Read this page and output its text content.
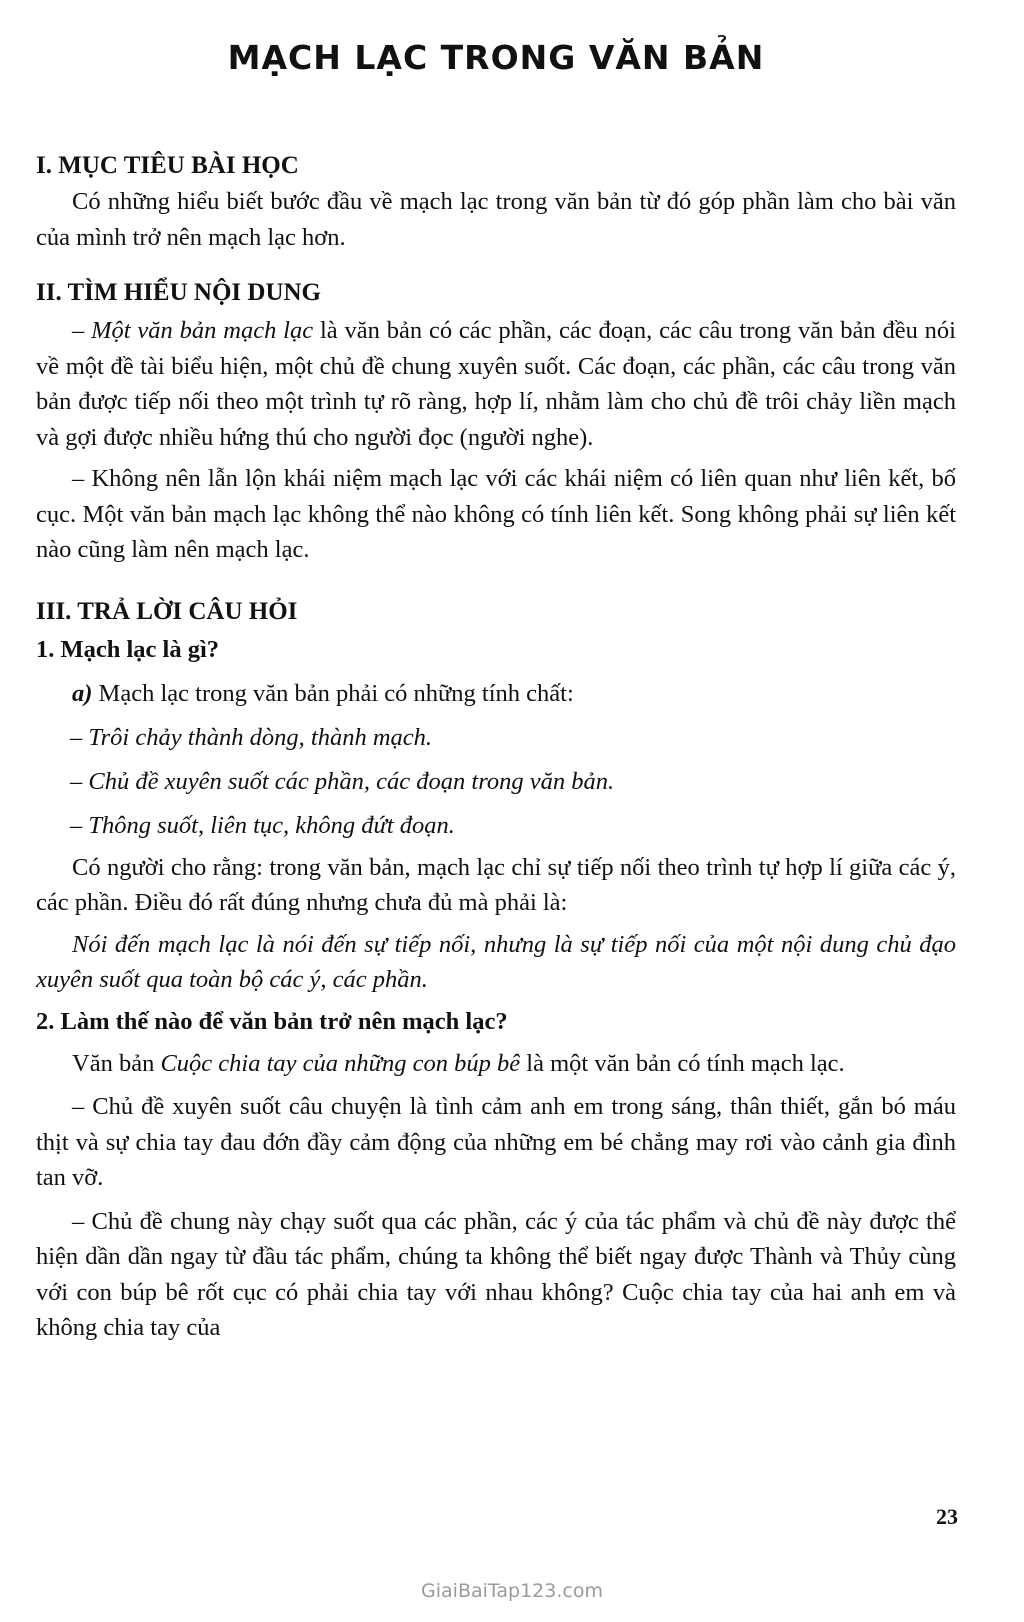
MẠCH LẠC TRONG VĂN BẢN
I. MỤC TIÊU BÀI HỌC

Có những hiểu biết bước đầu về mạch lạc trong văn bản từ đó góp phần làm cho bài văn của mình trở nên mạch lạc hơn.

II. TÌM HIỂU NỘI DUNG

– Một văn bản mạch lạc là văn bản có các phần, các đoạn, các câu trong văn bản đều nói về một đề tài biểu hiện, một chủ đề chung xuyên suốt. Các đoạn, các phần, các câu trong văn bản được tiếp nối theo một trình tự rõ ràng, hợp lí, nhằm làm cho chủ đề trôi chảy liền mạch và gợi được nhiều hứng thú cho người đọc (người nghe).

– Không nên lẫn lộn khái niệm mạch lạc với các khái niệm có liên quan như liên kết, bố cục. Một văn bản mạch lạc không thể nào không có tính liên kết. Song không phải sự liên kết nào cũng làm nên mạch lạc.

III. TRẢ LỜI CÂU HỎI

1. Mạch lạc là gì?

a) Mạch lạc trong văn bản phải có những tính chất:

– Trôi chảy thành dòng, thành mạch.

– Chủ đề xuyên suốt các phần, các đoạn trong văn bản.

– Thông suốt, liên tục, không đứt đoạn.

Có người cho rằng: trong văn bản, mạch lạc chỉ sự tiếp nối theo trình tự hợp lí giữa các ý, các phần. Điều đó rất đúng nhưng chưa đủ mà phải là:

Nói đến mạch lạc là nói đến sự tiếp nối, nhưng là sự tiếp nối của một nội dung chủ đạo xuyên suốt qua toàn bộ các ý, các phần.

2. Làm thế nào để văn bản trở nên mạch lạc?

Văn bản Cuộc chia tay của những con búp bê là một văn bản có tính mạch lạc.

– Chủ đề xuyên suốt câu chuyện là tình cảm anh em trong sáng, thân thiết, gắn bó máu thịt và sự chia tay đau đớn đầy cảm động của những em bé chẳng may rơi vào cảnh gia đình tan vỡ.

– Chủ đề chung này chạy suốt qua các phần, các ý của tác phẩm và chủ đề này được thể hiện dần dần ngay từ đầu tác phẩm, chúng ta không thể biết ngay được Thành và Thủy cùng với con búp bê rốt cục có phải chia tay với nhau không? Cuộc chia tay của hai anh em và không chia tay của

23
GiaiBaiTap123.com
